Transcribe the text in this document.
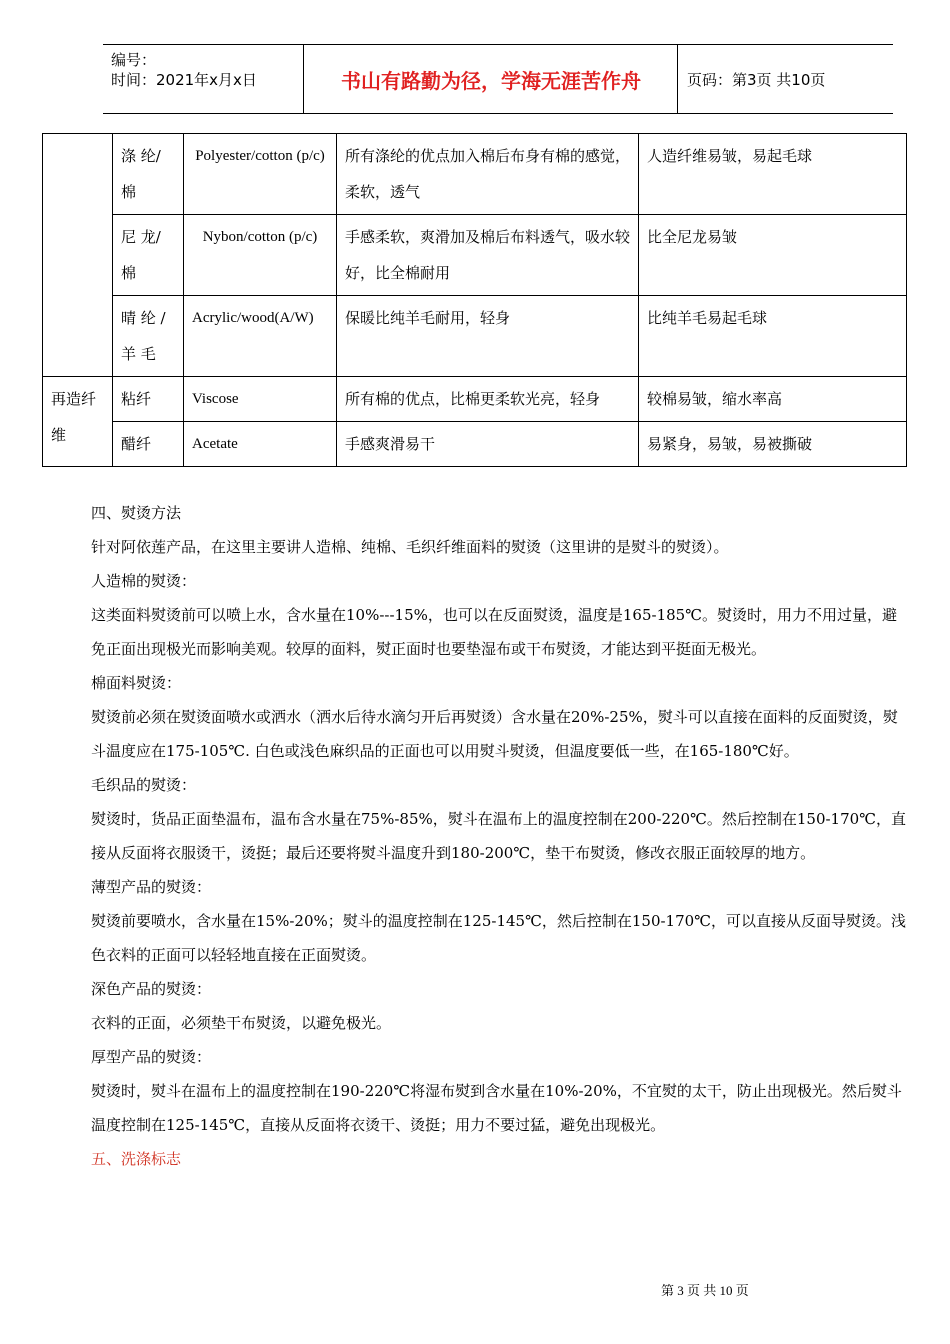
编号：
时间：2021年x月x日	书山有路勤为径，学海无涯苦作舟	页码：第3页 共10页
	涤 纶/ 棉	Polyester/cotton (p/c)	所有涤纶的优点加入棉后布身有棉的感觉，柔软，透气	人造纤维易皱，易起毛球
	尼 龙/ 棉	Nybon/cotton (p/c)	手感柔软，爽滑加及棉后布料透气，吸水较好，比全棉耐用	比全尼龙易皱
	晴 纶 / 羊 毛	Acrylic/wood(A/W)	保暖比纯羊毛耐用，轻身	比纯羊毛易起毛球
再造纤维	粘纤	Viscose	所有棉的优点，比棉更柔软光亮，轻身	较棉易皱，缩水率高
	醋纤	Acetate	手感爽滑易干	易紧身，易皱，易被撕破

四、熨烫方法

针对阿依莲产品，在这里主要讲人造棉、纯棉、毛织纤维面料的熨烫（这里讲的是熨斗的熨烫）。

人造棉的熨烫：

这类面料熨烫前可以喷上水，含水量在10%---15%，也可以在反面熨烫，温度是165-185℃。熨烫时，用力不用过量，避免正面出现极光而影响美观。较厚的面料，熨正面时也要垫湿布或干布熨烫，才能达到平挺面无极光。

棉面料熨烫：

熨烫前必须在熨烫面喷水或洒水（洒水后待水滴匀开后再熨烫）含水量在20%-25%，熨斗可以直接在面料的反面熨烫，熨斗温度应在175-105℃. 白色或浅色麻织品的正面也可以用熨斗熨烫，但温度要低一些，在165-180℃好。

毛织品的熨烫：

熨烫时，货品正面垫温布，温布含水量在75%-85%，熨斗在温布上的温度控制在200-220℃。然后控制在150-170℃，直接从反面将衣服烫干，烫挺；最后还要将熨斗温度升到180-200℃，垫干布熨烫，修改衣服正面较厚的地方。

薄型产品的熨烫：

熨烫前要喷水，含水量在15%-20%；熨斗的温度控制在125-145℃，然后控制在150-170℃，可以直接从反面导熨烫。浅色衣料的正面可以轻轻地直接在正面熨烫。

深色产品的熨烫：

衣料的正面，必须垫干布熨烫，以避免极光。

厚型产品的熨烫：

熨烫时，熨斗在温布上的温度控制在190-220℃将湿布熨到含水量在10%-20%，不宜熨的太干，防止出现极光。然后熨斗温度控制在125-145℃，直接从反面将衣烫干、烫挺；用力不要过猛，避免出现极光。

五、洗涤标志

第 3 页 共 10 页
